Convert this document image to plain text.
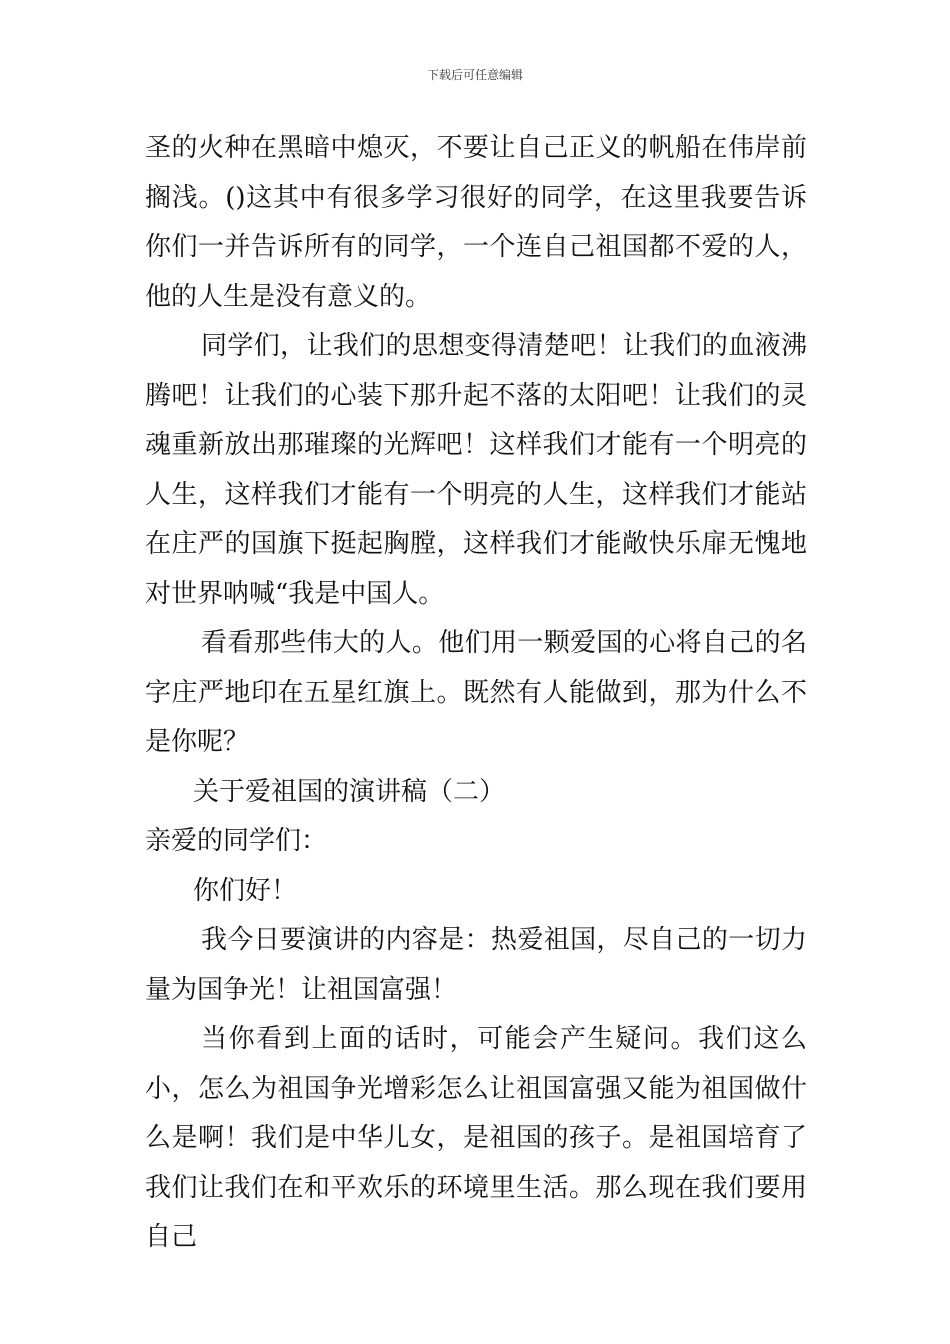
下载后可任意编辑

圣的火种在黑暗中熄灭，不要让自己正义的帆船在伟岸前搁浅。()这其中有很多学习很好的同学，在这里我要告诉你们一并告诉所有的同学，一个连自己祖国都不爱的人，他的人生是没有意义的。

同学们，让我们的思想变得清楚吧！让我们的血液沸腾吧！让我们的心装下那升起不落的太阳吧！让我们的灵魂重新放出那璀璨的光辉吧！这样我们才能有一个明亮的人生，这样我们才能有一个明亮的人生，这样我们才能站在庄严的国旗下挺起胸膛，这样我们才能敞快乐扉无愧地对世界呐喊“我是中国人。

看看那些伟大的人。他们用一颗爱国的心将自己的名字庄严地印在五星红旗上。既然有人能做到，那为什么不是你呢？

关于爱祖国的演讲稿（二）

亲爱的同学们：

你们好！

我今日要演讲的内容是：热爱祖国，尽自己的一切力量为国争光！让祖国富强！

当你看到上面的话时，可能会产生疑问。我们这么小，怎么为祖国争光增彩怎么让祖国富强又能为祖国做什么是啊！我们是中华儿女，是祖国的孩子。是祖国培育了我们让我们在和平欢乐的环境里生活。那么现在我们要用自己
